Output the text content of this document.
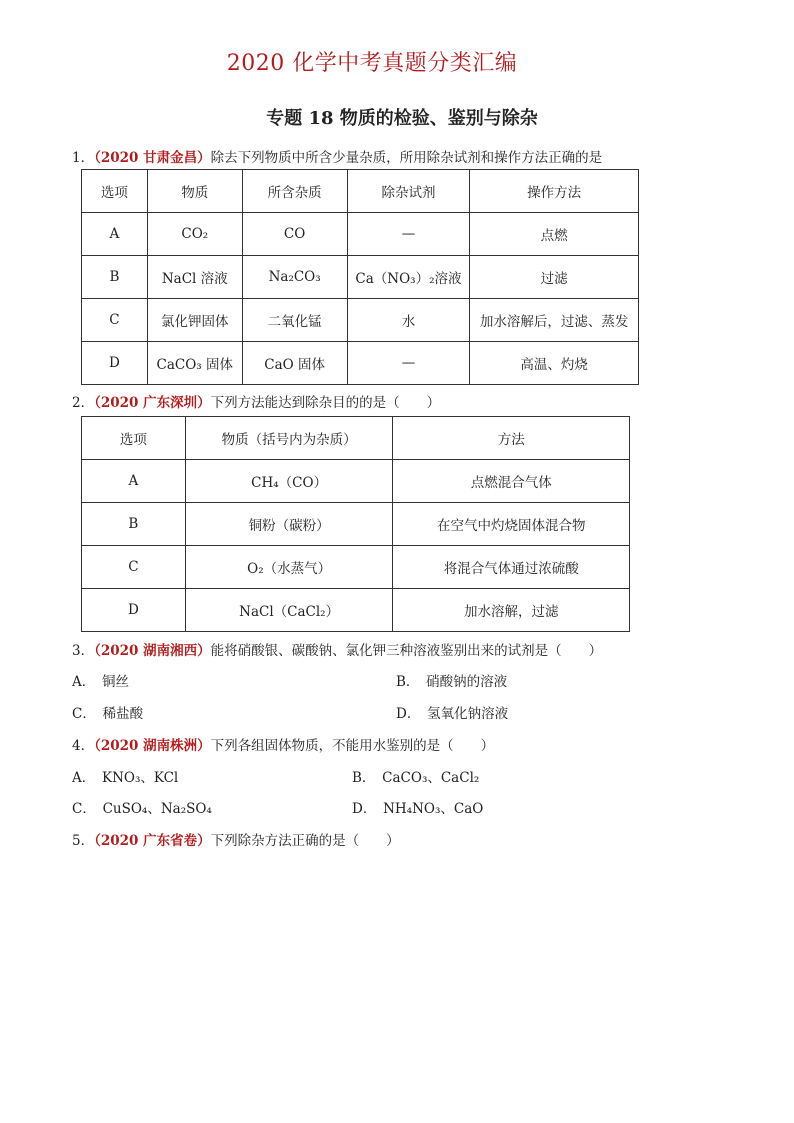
2020 化学中考真题分类汇编
专题 18 物质的检验、鉴别与除杂
1．（2020 甘肃金昌）除去下列物质中所含少量杂质，所用除杂试剂和操作方法正确的是
选项	物质	所含杂质	除杂试剂	操作方法
A	CO₂	CO	—	点燃
B	NaCl 溶液	Na₂CO₃	Ca（NO₃）₂溶液	过滤
C	氯化钾固体	二氧化锰	水	加水溶解后，过滤、蒸发
D	CaCO₃ 固体	CaO 固体	—	高温、灼烧
2．（2020 广东深圳）下列方法能达到除杂目的的是（　　）
选项	物质（括号内为杂质）	方法
A	CH₄（CO）	点燃混合气体
B	铜粉（碳粉）	在空气中灼烧固体混合物
C	O₂（水蒸气）	将混合气体通过浓硫酸
D	NaCl（CaCl₂）	加水溶解，过滤
3．（2020 湖南湘西）能将硝酸银、碳酸钠、氯化钾三种溶液鉴别出来的试剂是（　　）
A．　铜丝	B．　硝酸钠的溶液
C．　稀盐酸	D．　氢氧化钠溶液
4．（2020 湖南株洲）下列各组固体物质，不能用水鉴别的是（　　）
A．　KNO₃、KCl	B．　CaCO₃、CaCl₂
C．　CuSO₄、Na₂SO₄	D．　NH₄NO₃、CaO
5．（2020 广东省卷）下列除杂方法正确的是（　　）
